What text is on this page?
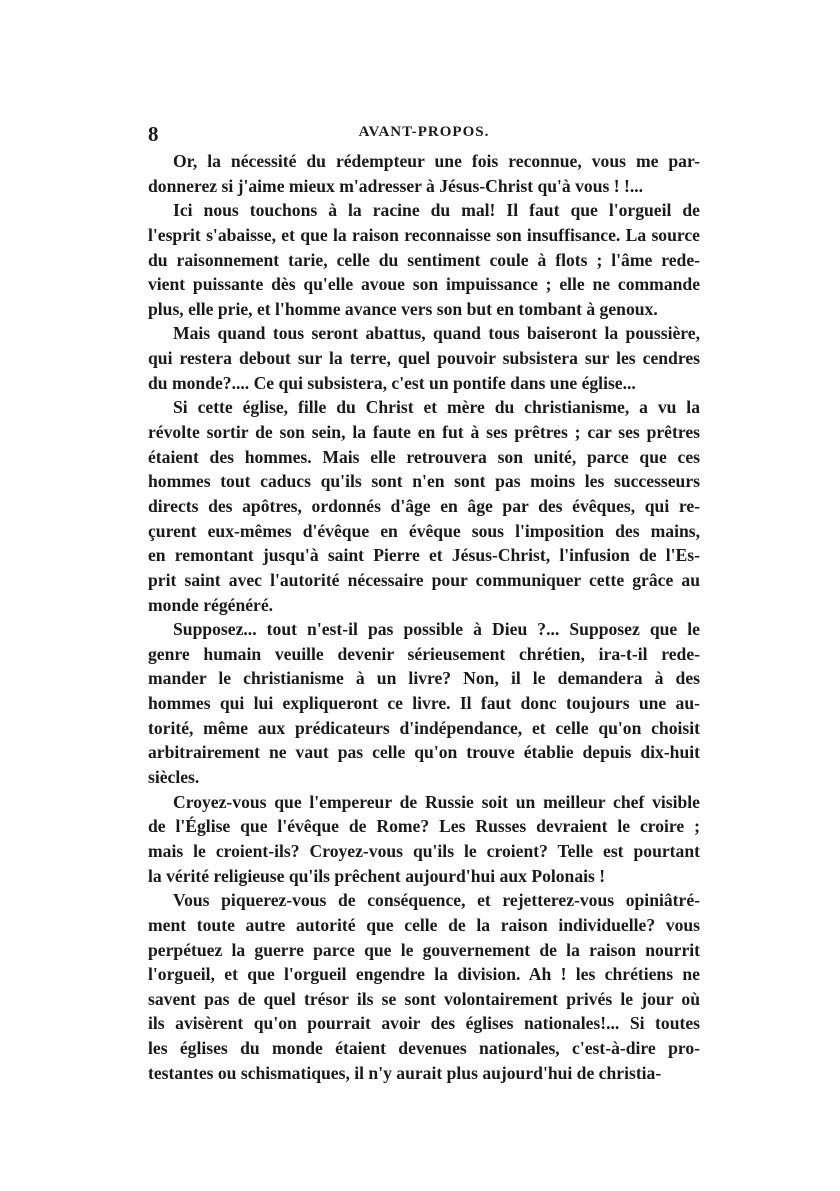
8	AVANT-PROPOS.
Or, la nécessité du rédempteur une fois reconnue, vous me par-
donnerez si j'aime mieux m'adresser à Jésus-Christ qu'à vous ! !...
Ici nous touchons à la racine du mal! Il faut que l'orgueil de
l'esprit s'abaisse, et que la raison reconnaisse son insuffisance. La source
du raisonnement tarie, celle du sentiment coule à flots ; l'âme rede-
vient puissante dès qu'elle avoue son impuissance ; elle ne commande
plus, elle prie, et l'homme avance vers son but en tombant à genoux.
Mais quand tous seront abattus, quand tous baiseront la poussière,
qui restera debout sur la terre, quel pouvoir subsistera sur les cendres
du monde?.... Ce qui subsistera, c'est un pontife dans une église...
Si cette église, fille du Christ et mère du christianisme, a vu la
révolte sortir de son sein, la faute en fut à ses prêtres ; car ses prêtres
étaient des hommes. Mais elle retrouvera son unité, parce que ces
hommes tout caducs qu'ils sont n'en sont pas moins les successeurs
directs des apôtres, ordonnés d'âge en âge par des évêques, qui re-
çurent eux-mêmes d'évêque en évêque sous l'imposition des mains,
en remontant jusqu'à saint Pierre et Jésus-Christ, l'infusion de l'Es-
prit saint avec l'autorité nécessaire pour communiquer cette grâce au
monde régénéré.
Supposez... tout n'est-il pas possible à Dieu ?... Supposez que le
genre humain veuille devenir sérieusement chrétien, ira-t-il rede-
mander le christianisme à un livre? Non, il le demandera à des
hommes qui lui expliqueront ce livre. Il faut donc toujours une au-
torité, même aux prédicateurs d'indépendance, et celle qu'on choisit
arbitrairement ne vaut pas celle qu'on trouve établie depuis dix-huit
siècles.
Croyez-vous que l'empereur de Russie soit un meilleur chef visible
de l'Église que l'évêque de Rome? Les Russes devraient le croire ;
mais le croient-ils? Croyez-vous qu'ils le croient? Telle est pourtant
la vérité religieuse qu'ils prêchent aujourd'hui aux Polonais !
Vous piquerez-vous de conséquence, et rejetterez-vous opiniâtré-
ment toute autre autorité que celle de la raison individuelle? vous
perpétuez la guerre parce que le gouvernement de la raison nourrit
l'orgueil, et que l'orgueil engendre la division. Ah ! les chrétiens ne
savent pas de quel trésor ils se sont volontairement privés le jour où
ils avisèrent qu'on pourrait avoir des églises nationales!... Si toutes
les églises du monde étaient devenues nationales, c'est-à-dire pro-
testantes ou schismatiques, il n'y aurait plus aujourd'hui de christia-
